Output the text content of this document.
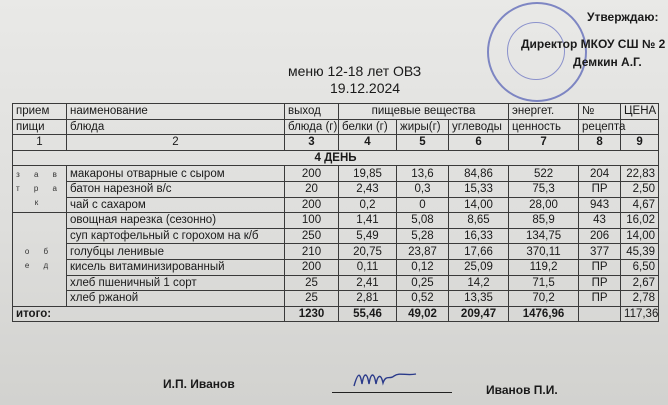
Утверждаю:
Директор МКОУ СШ № 2
Демкин А.Г.
меню 12-18 лет ОВЗ
19.12.2024
прием	наименование	выход	пищевые вещества			энергет.	№	ЦЕНА
пищи	блюда	блюда (г)	белки (г)	жиры(г)	углеводы	ценность	рецепта	
1	2	3	4	5	6	7	8	9
4 ДЕНЬ								
з а в т р а к	макароны отварные с сыром	200	19,85	13,6	84,86	522	204	22,83
	батон нарезной в/с	20	2,43	0,3	15,33	75,3	ПР	2,50
	чай с сахаром	200	0,2	0	14,00	28,00	943	4,67
о б е д	овощная нарезка (сезонно)	100	1,41	5,08	8,65	85,9	43	16,02
	суп картофельный с горохом на к/б	250	5,49	5,28	16,33	134,75	206	14,00
	голубцы ленивые	210	20,75	23,87	17,66	370,11	377	45,39
	кисель витаминизированный	200	0,11	0,12	25,09	119,2	ПР	6,50
	хлеб пшеничный 1 сорт	25	2,41	0,25	14,2	71,5	ПР	2,67
	хлеб ржаной	25	2,81	0,52	13,35	70,2	ПР	2,78
итого:		1230	55,46	49,02	209,47	1476,96		117,36
И.П. Иванов	Иванов П.И.
